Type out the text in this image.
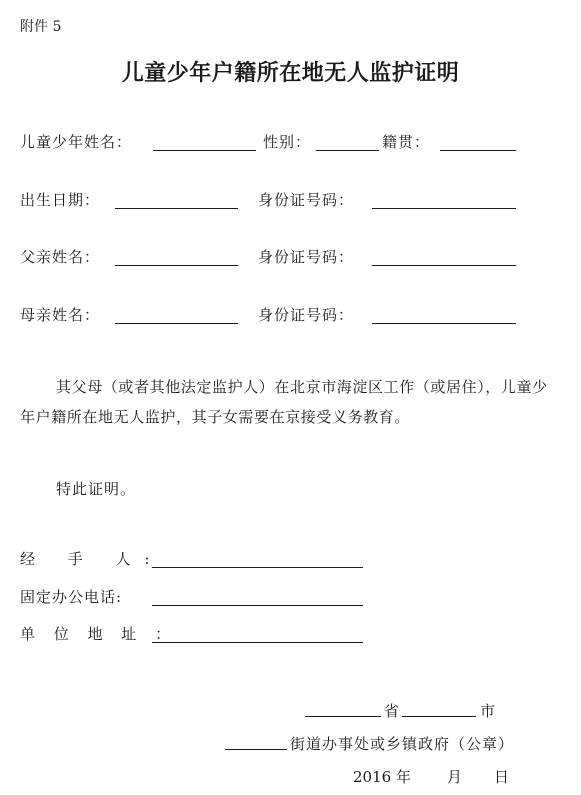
附件 5
儿童少年户籍所在地无人监护证明
儿童少年姓名：	性别：	籍贯：
出生日期：	身份证号码：
父亲姓名：	身份证号码：
母亲姓名：	身份证号码：
其父母（或者其他法定监护人）在北京市海淀区工作（或居住），儿童少年户籍所在地无人监护，其子女需要在京接受义务教育。
特此证明。
经 手 人:
固定办公电话:
单 位 地 址 ：
省	市
街道办事处或乡镇政府（公章）
2016 年 月 日
